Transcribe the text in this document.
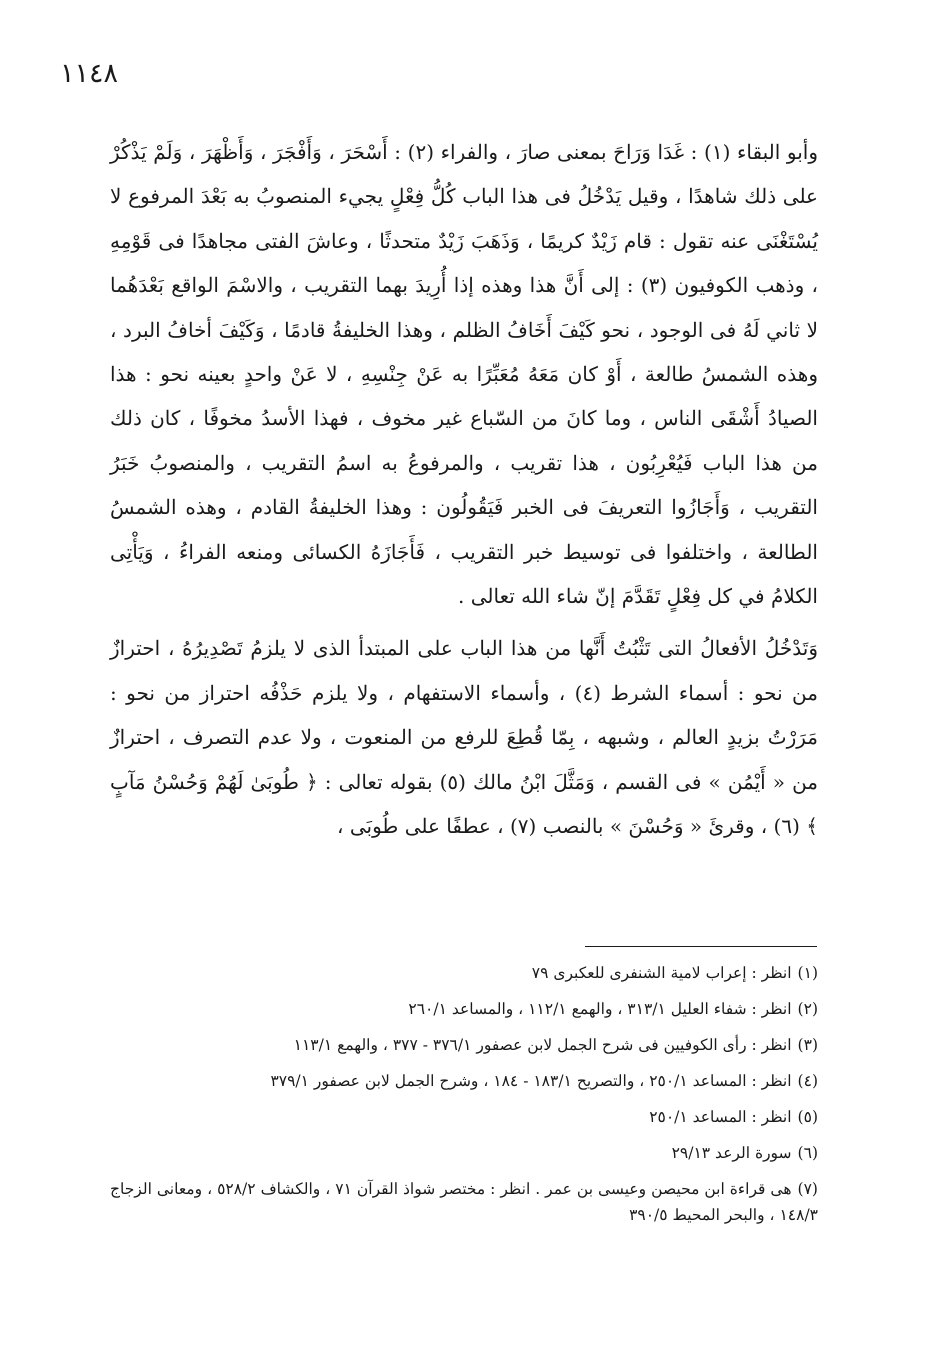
١١٤٨

وأبو البقاء (١) : غَدَا وَرَاحَ بمعنى صارَ ، والفراء (٢) : أَسْحَرَ ، وَأَفْجَرَ ، وَأَظْهَرَ ، وَلَمْ يَذْكُرْ على ذلك شاهدًا ، وقيل يَدْخُلُ فى هذا الباب كُلُّ فِعْلٍ يجيء المنصوبُ به بَعْدَ المرفوع لا يُسْتَغْنَى عنه تقول : قام زَيْدٌ كريمًا ، وَذَهَبَ زَيْدٌ متحدثًا ، وعاشَ الفتى مجاهدًا فى قَوْمِهِ ، وذهب الكوفيون (٣) : إلى أَنَّ هذا وهذه إذا أُرِيدَ بهما التقريب ، والاسْمَ الواقع بَعْدَهُما لا ثاني لَهُ فى الوجود ، نحو كَيْفَ أَخَافُ الظلم ، وهذا الخليفةُ قادمًا ، وَكَيْفَ أخافُ البرد ، وهذه الشمسُ طالعة ، أَوْ كان مَعَهُ مُعَبِّرًا به عَنْ جِنْسِهِ ، لا عَنْ واحدٍ بعينه نحو : هذا الصيادُ أَشْقَى الناس ، وما كانَ من السّباع غير مخوف ، فهذا الأسدُ مخوفًا ، كان ذلك من هذا الباب فَيُعْرِبُون ، هذا تقريب ، والمرفوعُ به اسمُ التقريب ، والمنصوبُ خَبَرُ التقريب ، وَأَجَازُوا التعريفَ فى الخبر فَيَقُولُون : وهذا الخليفةُ القادم ، وهذه الشمسُ الطالعة ، واختلفوا فى توسيط خبر التقريب ، فَأَجَازَهُ الكسائى ومنعه الفراءُ ، وَيَأْتِى الكلامُ في كل فِعْلٍ تَقَدَّمَ إنّ شاء الله تعالى .

وَتَدْخُلُ الأفعالُ التى تَثْبُتُ أَنَّها من هذا الباب على المبتدأ الذى لا يلزمُ تَصْدِيرُهُ ، احترازٌ من نحو : أسماء الشرط (٤) ، وأسماء الاستفهام ، ولا يلزم حَذْفُه احتراز من نحو : مَرَرْتُ بزيدٍ العالم ، وشبهه ، بِمّا قُطِعَ للرفع من المنعوت ، ولا عدم التصرف ، احترازٌ من « أَيْمُن » فى القسم ، وَمَثَّلَ ابْنُ مالك (٥) بقوله تعالى : ﴿ طُوبَىٰ لَهُمْ وَحُسْنُ مَآبٍ ﴾ (٦) ، وقرئَ « وَحُسْنَ » بالنصب (٧) ، عطفًا على طُوبَى ،

(١)انظر : إعراب لامية الشنفرى للعكبرى ٧٩

(٢)انظر : شفاء العليل ٣١٣/١ ، والهمع ١١٢/١ ، والمساعد ٢٦٠/١

(٣)انظر : رأى الكوفيين فى شرح الجمل لابن عصفور ٣٧٦/١ - ٣٧٧ ، والهمع ١١٣/١

(٤)انظر : المساعد ٢٥٠/١ ، والتصريح ١٨٣/١ - ١٨٤ ، وشرح الجمل لابن عصفور ٣٧٩/١

(٥)انظر : المساعد ٢٥٠/١

(٦)سورة الرعد ٢٩/١٣

(٧)هى قراءة ابن محيصن وعيسى بن عمر . انظر : مختصر شواذ القرآن ٧١ ، والكشاف ٥٢٨/٢ ، ومعانى الزجاج ١٤٨/٣ ، والبحر المحيط ٣٩٠/٥
